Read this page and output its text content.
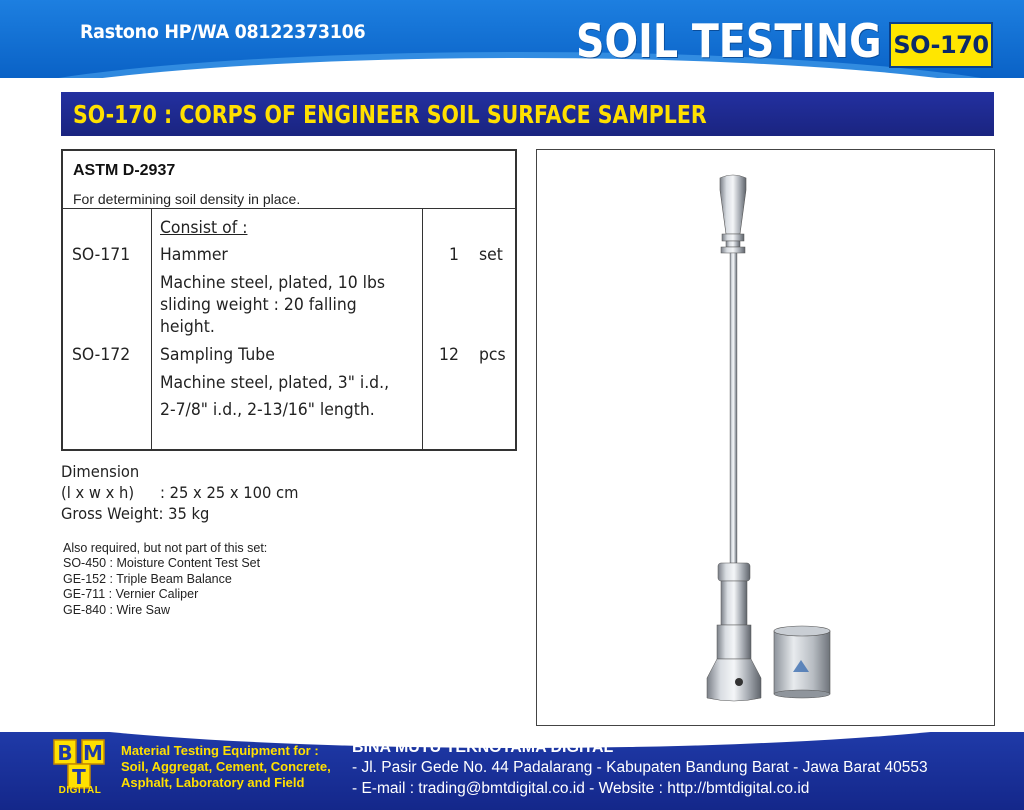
Rastono HP/WA 08122373106	SOIL TESTING SO-170
SO-170 : CORPS OF ENGINEER SOIL SURFACE SAMPLER
ASTM D-2937
For determining soil density in place.
Consist of :
SO-171 Hammer	1 set
Machine steel, plated, 10 lbs
sliding weight : 20 falling
height.
SO-172 Sampling Tube	12 pcs
Machine steel, plated, 3" i.d.,
2-7/8" i.d., 2-13/16" length.
Dimension
(l x w x h) : 25 x 25 x 100 cm
Gross Weight: 35 kg
Also required, but not part of this set:
SO-450 : Moisture Content Test Set
GE-152 : Triple Beam Balance
GE-711 : Vernier Caliper
GE-840 : Wire Saw
B M
T
DIGITAL
Material Testing Equipment for :
Soil, Aggregat, Cement, Concrete,
Asphalt, Laboratory and Field
BINA MUTU TEKNOTAMA DIGITAL
- Jl. Pasir Gede No. 44 Padalarang - Kabupaten Bandung Barat - Jawa Barat 40553
- E-mail : trading@bmtdigital.co.id - Website : http://bmtdigital.co.id
